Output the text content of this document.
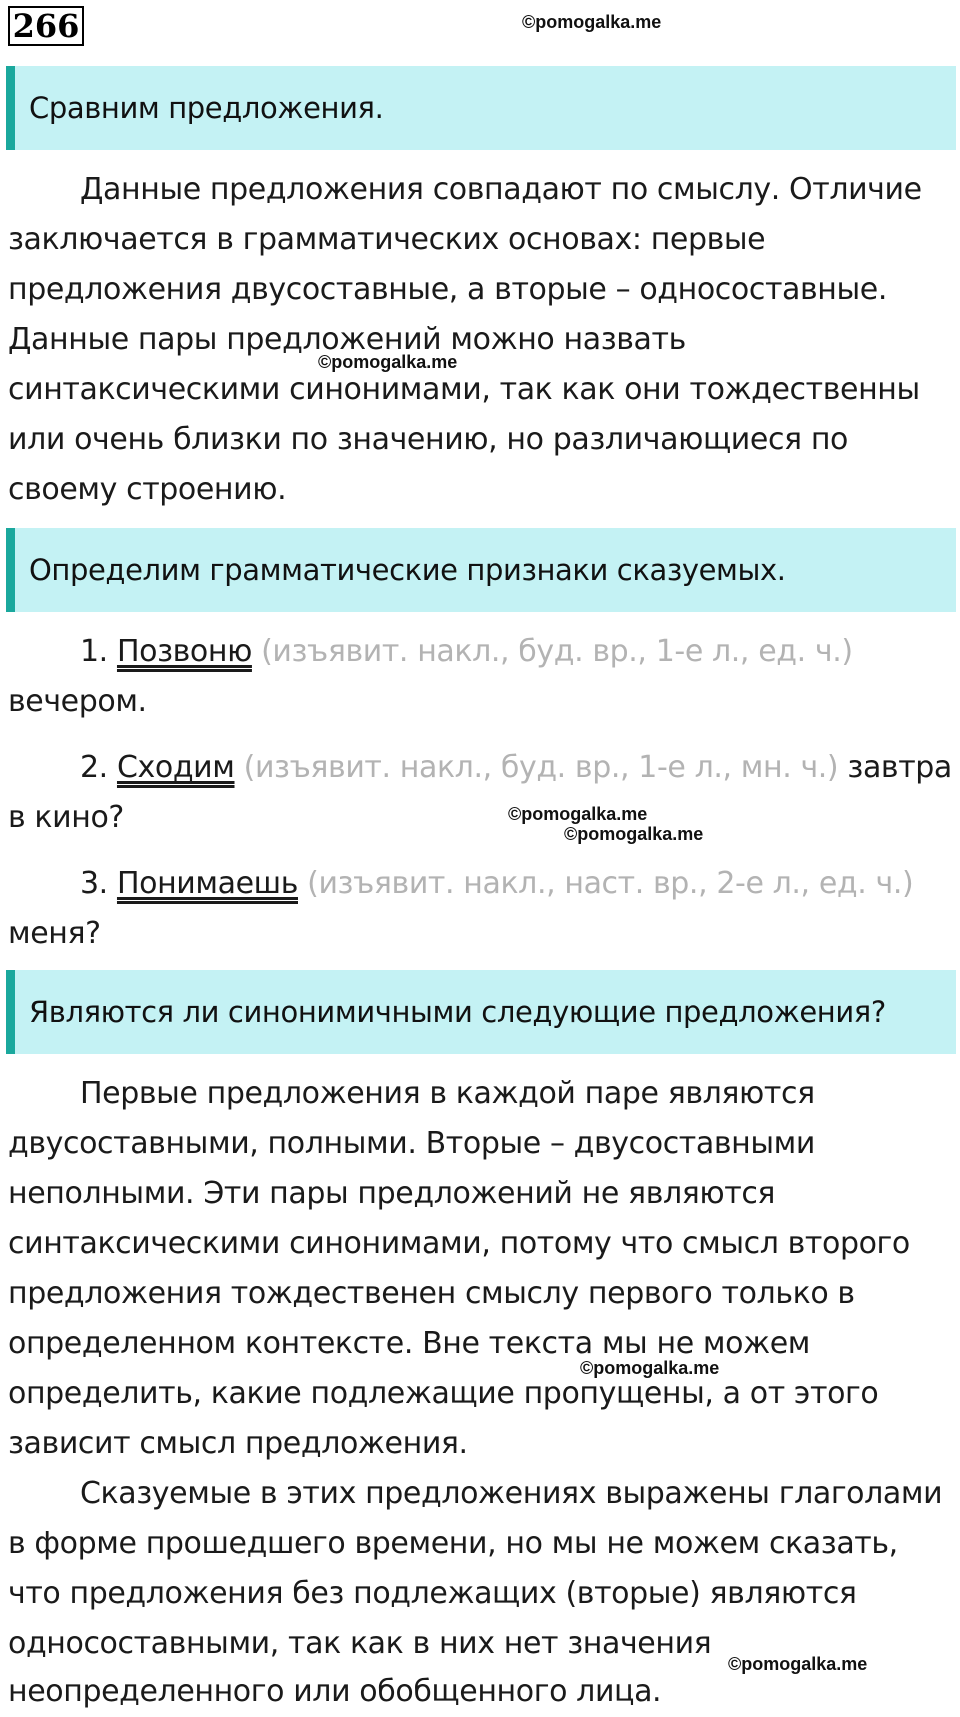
266	©pomogalka.me
Сравним предложения.
Данные предложения совпадают по смыслу. Отличие
заключается в грамматических основах: первые
предложения двусоставные, а вторые – односоставные.
Данные пары предложений можно назвать
©pomogalka.me
синтаксическими синонимами, так как они тождественны
или очень близки по значению, но различающиеся по
своему строению.
Определим грамматические признаки сказуемых.
1. Позвоню (изъявит. накл., буд. вр., 1-е л., ед. ч.)
вечером.
2. Сходим (изъявит. накл., буд. вр., 1-е л., мн. ч.) завтра
в кино?	©pomogalka.me
©pomogalka.me
3. Понимаешь (изъявит. накл., наст. вр., 2-е л., ед. ч.)
меня?
Являются ли синонимичными следующие предложения?
Первые предложения в каждой паре являются
двусоставными, полными. Вторые – двусоставными
неполными. Эти пары предложений не являются
синтаксическими синонимами, потому что смысл второго
предложения тождественен смыслу первого только в
определенном контексте. Вне текста мы не можем
©pomogalka.me
определить, какие подлежащие пропущены, а от этого
зависит смысл предложения.
Сказуемые в этих предложениях выражены глаголами
в форме прошедшего времени, но мы не можем сказать,
что предложения без подлежащих (вторые) являются
односоставными, так как в них нет значения
©pomogalka.me
неопределенного или обобщенного лица.
